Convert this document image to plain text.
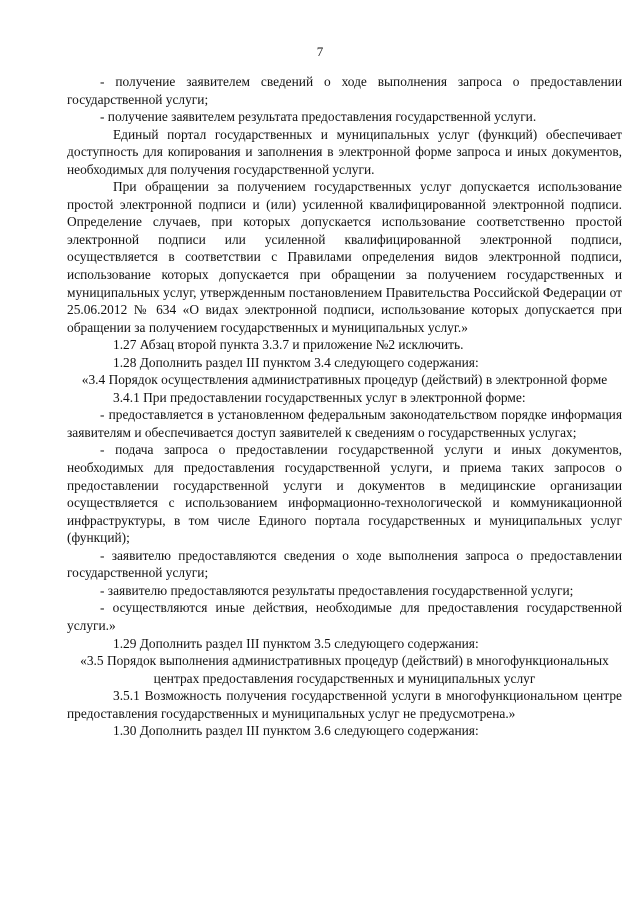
7

- получение заявителем сведений о ходе выполнения запроса о предоставлении государственной услуги;

- получение заявителем результата предоставления государственной услуги.

Единый портал государственных и муниципальных услуг (функций) обеспечивает доступность для копирования и заполнения в электронной форме запроса и иных документов, необходимых для получения государственной услуги.

При обращении за получением государственных услуг допускается использование простой электронной подписи и (или) усиленной квалифицированной электронной подписи. Определение случаев, при которых допускается использование соответственно простой электронной подписи или усиленной квалифицированной электронной подписи, осуществляется в соответствии с Правилами определения видов электронной подписи, использование которых допускается при обращении за получением государственных и муниципальных услуг, утвержденным постановлением Правительства Российской Федерации от 25.06.2012 № 634 «О видах электронной подписи, использование которых допускается при обращении за получением государственных и муниципальных услуг.»

1.27 Абзац второй пункта 3.3.7 и приложение №2 исключить.

1.28 Дополнить раздел III пунктом 3.4 следующего содержания:

«3.4 Порядок осуществления административных процедур (действий) в электронной форме

3.4.1 При предоставлении государственных услуг в электронной форме:

- предоставляется в установленном федеральным законодательством порядке информация заявителям и обеспечивается доступ заявителей к сведениям о государственных услугах;

- подача запроса о предоставлении государственной услуги и иных документов, необходимых для предоставления государственной услуги, и приема таких запросов о предоставлении государственной услуги и документов в медицинские организации осуществляется с использованием информационно-технологической и коммуникационной инфраструктуры, в том числе Единого портала государственных и муниципальных услуг (функций);

- заявителю предоставляются сведения о ходе выполнения запроса о предоставлении государственной услуги;

- заявителю предоставляются результаты предоставления государственной услуги;

- осуществляются иные действия, необходимые для предоставления государственной услуги.»

1.29 Дополнить раздел III пунктом 3.5 следующего содержания:

«3.5 Порядок выполнения административных процедур (действий) в многофункциональных центрах предоставления государственных и муниципальных услуг

3.5.1 Возможность получения государственной услуги в многофункциональном центре предоставления государственных и муниципальных услуг не предусмотрена.»

1.30 Дополнить раздел III пунктом 3.6 следующего содержания:
